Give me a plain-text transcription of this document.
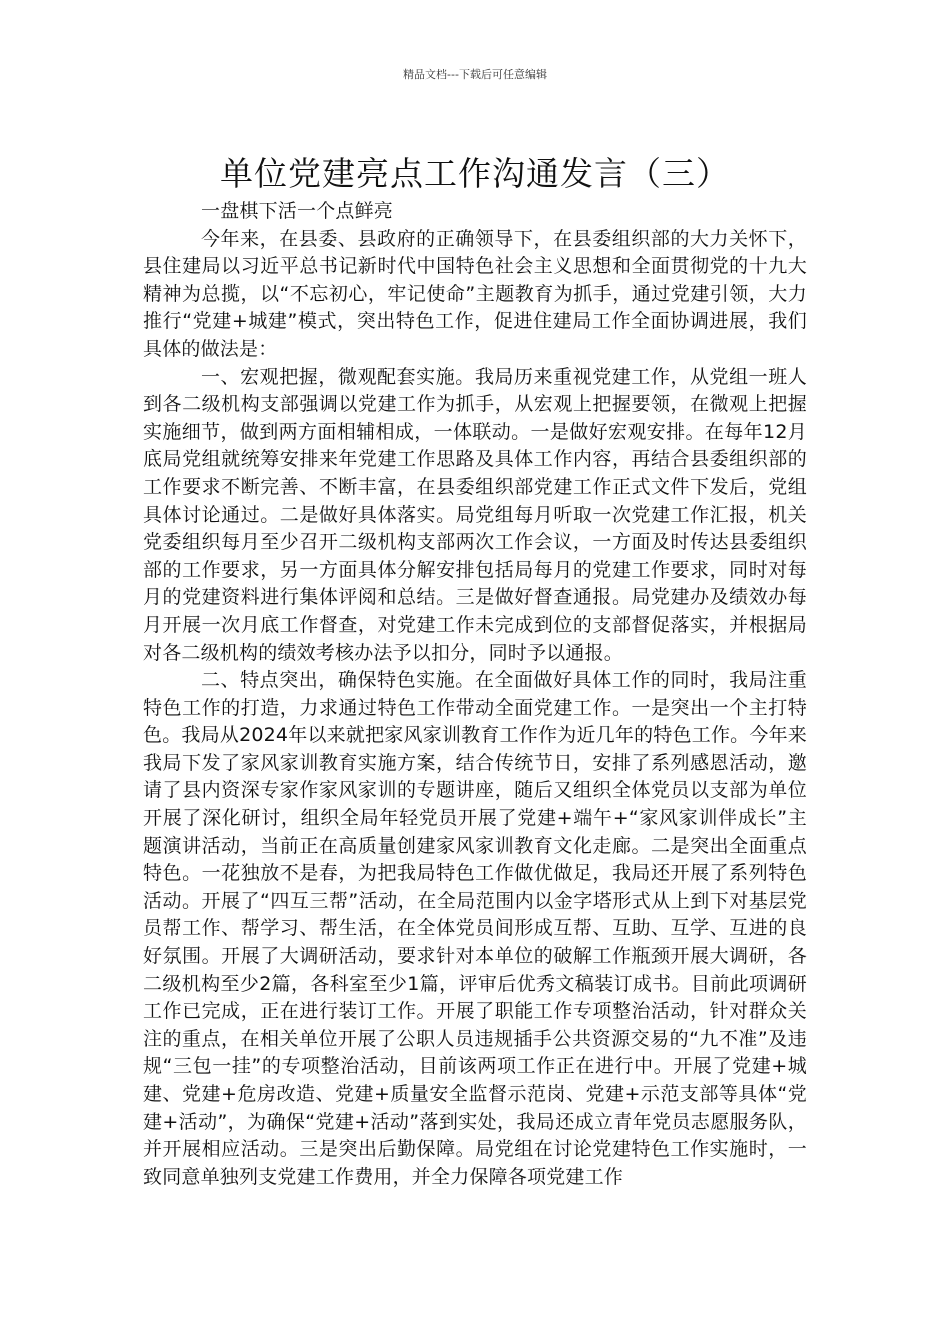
精品文档---下载后可任意编辑
单位党建亮点工作沟通发言（三）

一盘棋下活一个点鲜亮

今年来，在县委、县政府的正确领导下，在县委组织部的大力关怀下，县住建局以习近平总书记新时代中国特色社会主义思想和全面贯彻党的十九大精神为总揽，以“不忘初心，牢记使命”主题教育为抓手，通过党建引领，大力推行“党建+城建”模式，突出特色工作，促进住建局工作全面协调进展，我们具体的做法是：

一、宏观把握，微观配套实施。我局历来重视党建工作，从党组一班人到各二级机构支部强调以党建工作为抓手，从宏观上把握要领，在微观上把握实施细节，做到两方面相辅相成，一体联动。一是做好宏观安排。在每年12月底局党组就统筹安排来年党建工作思路及具体工作内容，再结合县委组织部的工作要求不断完善、不断丰富，在县委组织部党建工作正式文件下发后，党组具体讨论通过。二是做好具体落实。局党组每月听取一次党建工作汇报，机关党委组织每月至少召开二级机构支部两次工作会议，一方面及时传达县委组织部的工作要求，另一方面具体分解安排包括局每月的党建工作要求，同时对每月的党建资料进行集体评阅和总结。三是做好督查通报。局党建办及绩效办每月开展一次月底工作督查，对党建工作未完成到位的支部督促落实，并根据局对各二级机构的绩效考核办法予以扣分，同时予以通报。

二、特点突出，确保特色实施。在全面做好具体工作的同时，我局注重特色工作的打造，力求通过特色工作带动全面党建工作。一是突出一个主打特色。我局从2024年以来就把家风家训教育工作作为近几年的特色工作。今年来我局下发了家风家训教育实施方案，结合传统节日，安排了系列感恩活动，邀请了县内资深专家作家风家训的专题讲座，随后又组织全体党员以支部为单位开展了深化研讨，组织全局年轻党员开展了党建+端午+“家风家训伴成长”主题演讲活动，当前正在高质量创建家风家训教育文化走廊。二是突出全面重点特色。一花独放不是春，为把我局特色工作做优做足，我局还开展了系列特色活动。开展了“四互三帮”活动，在全局范围内以金字塔形式从上到下对基层党员帮工作、帮学习、帮生活，在全体党员间形成互帮、互助、互学、互进的良好氛围。开展了大调研活动，要求针对本单位的破解工作瓶颈开展大调研，各二级机构至少2篇，各科室至少1篇，评审后优秀文稿装订成书。目前此项调研工作已完成，正在进行装订工作。开展了职能工作专项整治活动，针对群众关注的重点，在相关单位开展了公职人员违规插手公共资源交易的“九不准”及违规“三包一挂”的专项整治活动，目前该两项工作正在进行中。开展了党建+城建、党建+危房改造、党建+质量安全监督示范岗、党建+示范支部等具体“党建+活动”，为确保“党建+活动”落到实处，我局还成立青年党员志愿服务队，并开展相应活动。三是突出后勤保障。局党组在讨论党建特色工作实施时，一致同意单独列支党建工作费用，并全力保障各项党建工作
